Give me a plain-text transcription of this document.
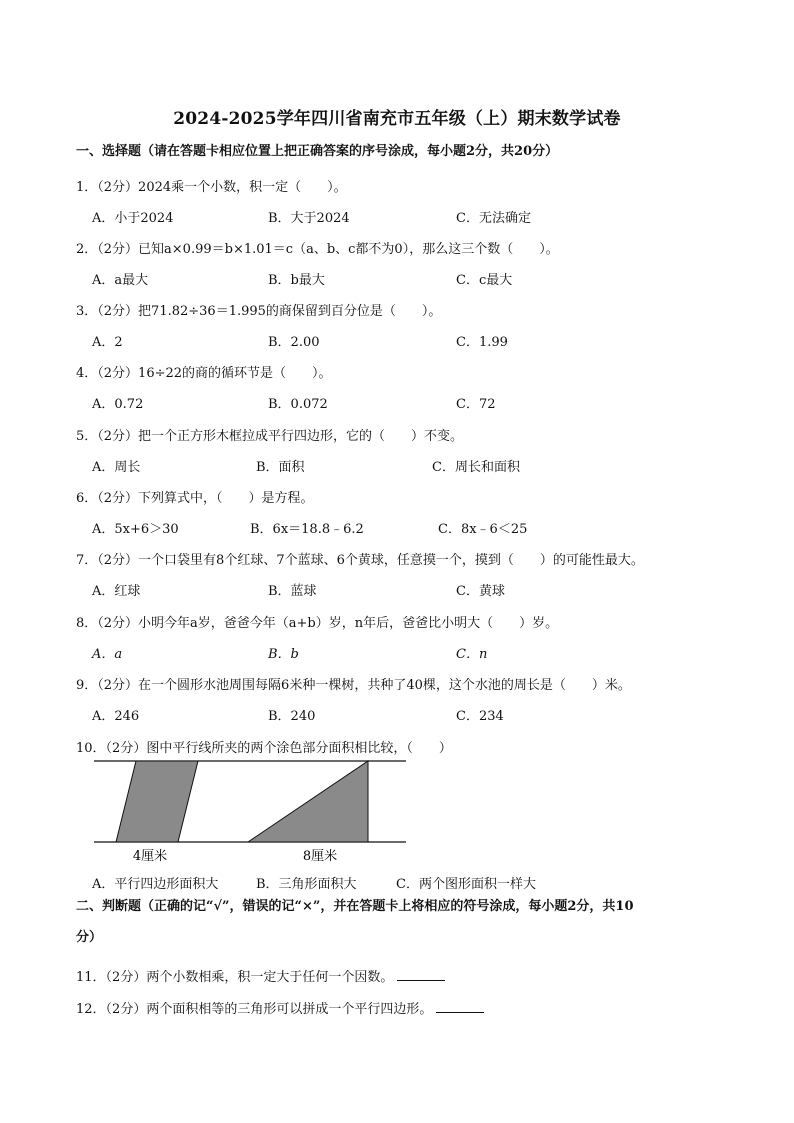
2024-2025学年四川省南充市五年级（上）期末数学试卷
一、选择题（请在答题卡相应位置上把正确答案的序号涂成，每小题2分，共20分）
1．（2分）2024乘一个小数，积一定（　　）。
A．小于2024	B．大于2024	C．无法确定
2．（2分）已知a×0.99＝b×1.01＝c（a、b、c都不为0），那么这三个数（　　）。
A．a最大	B．b最大	C．c最大
3．（2分）把71.82÷36＝1.995的商保留到百分位是（　　）。
A．2	B．2.00	C．1.99
4．（2分）16÷22的商的循环节是（　　）。
A．0.72	B．0.072	C．72
5．（2分）把一个正方形木框拉成平行四边形，它的（　　）不变。
A．周长	B．面积	C．周长和面积
6．（2分）下列算式中，（　　）是方程。
A．5x+6＞30	B．6x＝18.8﹣6.2	C．8x﹣6＜25
7．（2分）一个口袋里有8个红球、7个蓝球、6个黄球，任意摸一个，摸到（　　）的可能性最大。
A．红球	B．蓝球	C．黄球
8．（2分）小明今年a岁，爸爸今年（a+b）岁，n年后，爸爸比小明大（　　）岁。
A．a	B．b	C．n
9．（2分）在一个圆形水池周围每隔6米种一棵树，共种了40棵，这个水池的周长是（　　）米。
A．246	B．240	C．234
10．（2分）图中平行线所夹的两个涂色部分面积相比较，（　　）
4厘米	8厘米
A．平行四边形面积大	B．三角形面积大	C．两个图形面积一样大
二、判断题（正确的记“√”，错误的记“×”，并在答题卡上将相应的符号涂成，每小题2分，共10
分）
11．（2分）两个小数相乘，积一定大于任何一个因数。
12．（2分）两个面积相等的三角形可以拼成一个平行四边形。
